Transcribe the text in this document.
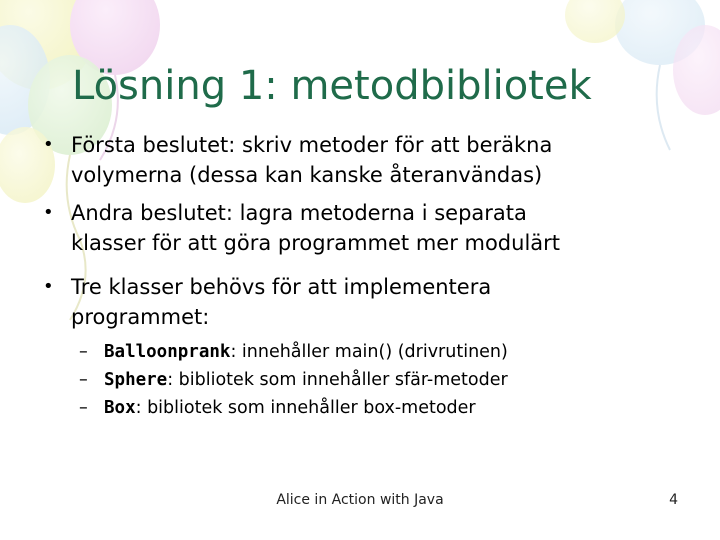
Lösning 1: metodbibliotek
• Första beslutet: skriv metoder för att beräkna
volymerna (dessa kan kanske återanvändas)
• Andra beslutet: lagra metoderna i separata
klasser för att göra programmet mer modulärt
• Tre klasser behövs för att implementera
programmet:
– Balloonprank: innehåller main() (drivrutinen)
– Sphere: bibliotek som innehåller sfär-metoder
– Box: bibliotek som innehåller box-metoder
Alice in Action with Java	4
